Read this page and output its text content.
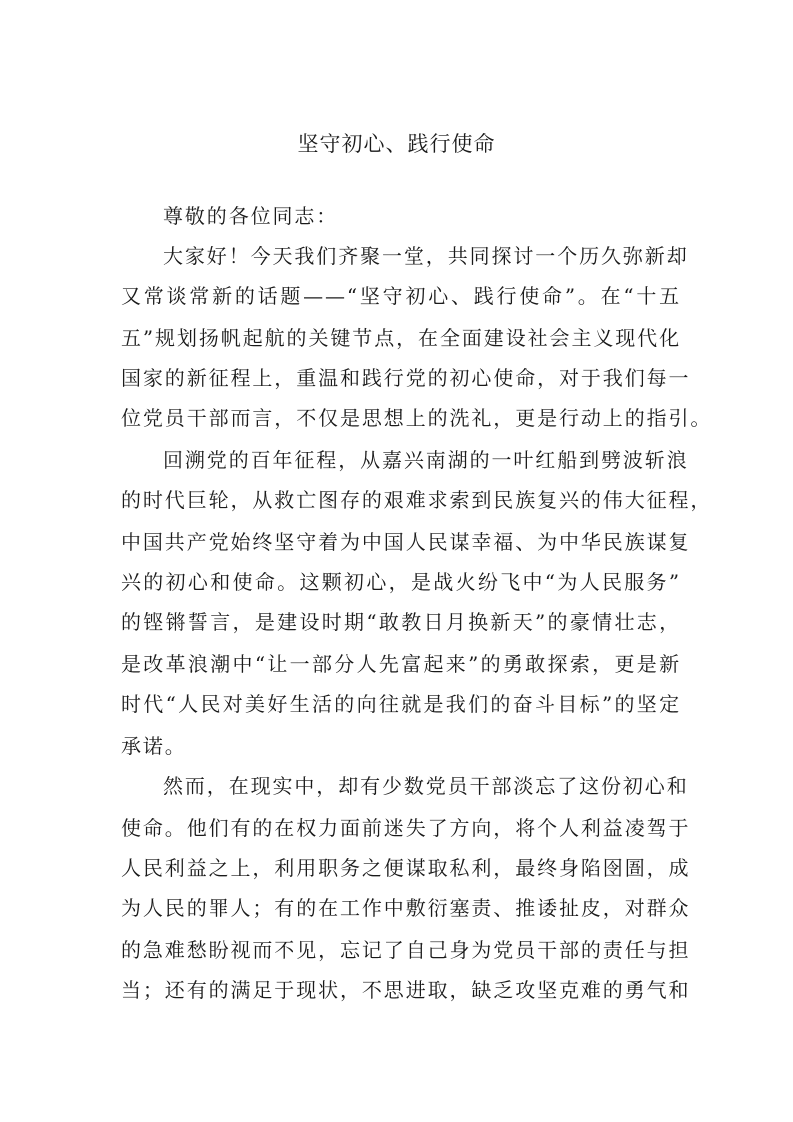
坚守初心、践行使命
尊敬的各位同志：
大家好！今天我们齐聚一堂，共同探讨一个历久弥新却
又常谈常新的话题——“坚守初心、践行使命”。在“十五
五”规划扬帆起航的关键节点，在全面建设社会主义现代化
国家的新征程上，重温和践行党的初心使命，对于我们每一
位党员干部而言，不仅是思想上的洗礼，更是行动上的指引。
回溯党的百年征程，从嘉兴南湖的一叶红船到劈波斩浪
的时代巨轮，从救亡图存的艰难求索到民族复兴的伟大征程，
中国共产党始终坚守着为中国人民谋幸福、为中华民族谋复
兴的初心和使命。这颗初心，是战火纷飞中“为人民服务”
的铿锵誓言，是建设时期“敢教日月换新天”的豪情壮志，
是改革浪潮中“让一部分人先富起来”的勇敢探索，更是新
时代“人民对美好生活的向往就是我们的奋斗目标”的坚定
承诺。
然而，在现实中，却有少数党员干部淡忘了这份初心和
使命。他们有的在权力面前迷失了方向，将个人利益凌驾于
人民利益之上，利用职务之便谋取私利，最终身陷囹圄，成
为人民的罪人；有的在工作中敷衍塞责、推诿扯皮，对群众
的急难愁盼视而不见，忘记了自己身为党员干部的责任与担
当；还有的满足于现状，不思进取，缺乏攻坚克难的勇气和
